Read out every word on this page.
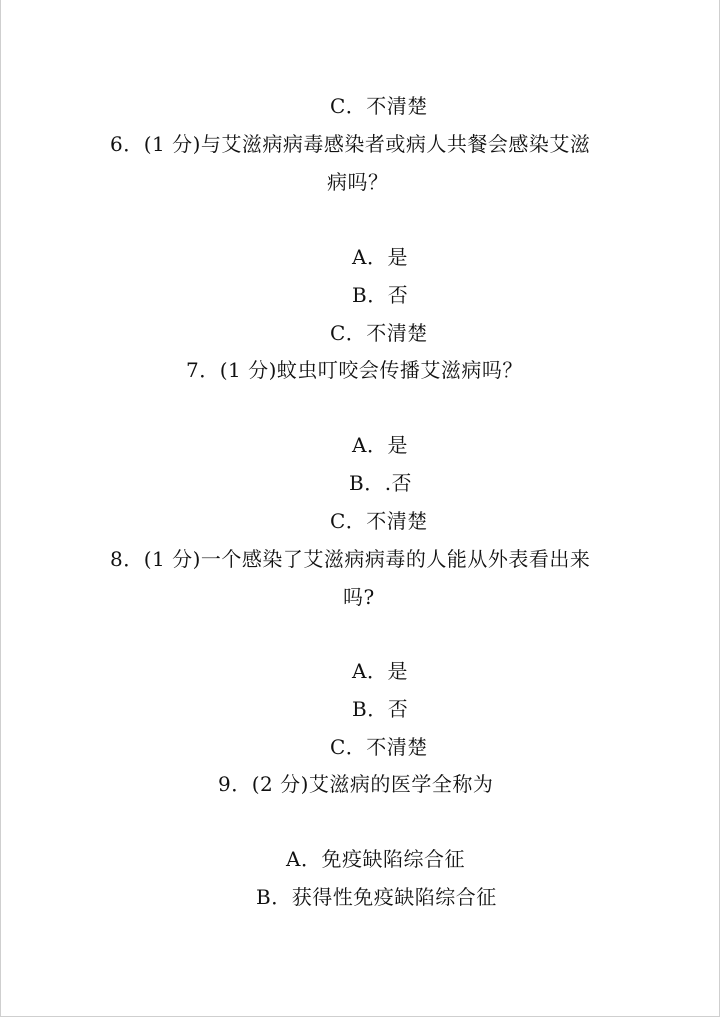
C．不清楚
6．(1 分)与艾滋病病毒感染者或病人共餐会感染艾滋
病吗？
A．是
B．否
C．不清楚
7．(1 分)蚊虫叮咬会传播艾滋病吗？
A．是
B．.否
C．不清楚
8．(1 分)一个感染了艾滋病病毒的人能从外表看出来
吗?
A．是
B．否
C．不清楚
9．(2 分)艾滋病的医学全称为
A．免疫缺陷综合征
B．获得性免疫缺陷综合征
